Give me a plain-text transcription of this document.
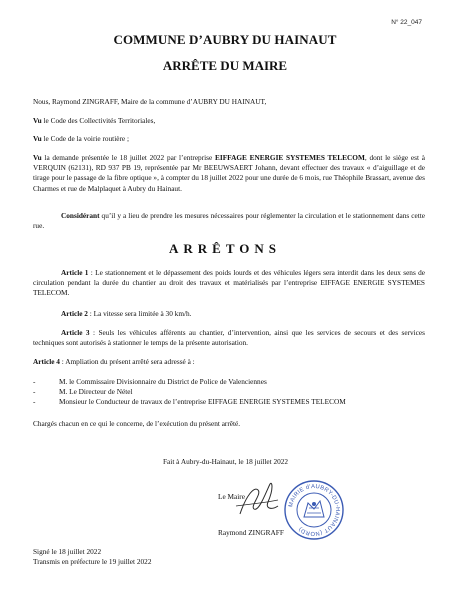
N° 22_047
COMMUNE D’AUBRY DU HAINAUT
ARRÊTE DU MAIRE
Nous, Raymond ZINGRAFF, Maire de la commune d’AUBRY DU HAINAUT,
Vu le Code des Collectivités Territoriales,
Vu le Code de la voirie routière ;
Vu la demande présentée le 18 juillet 2022 par l’entreprise EIFFAGE ENERGIE SYSTEMES TELECOM, dont le siège est à VERQUIN (62131), RD 937 PB 19, représentée par Mr BEEUWSAERT Johann, devant effectuer des travaux « d’aiguillage et de tirage pour le passage de la fibre optique », à compter du 18 juillet 2022 pour une durée de 6 mois, rue Théophile Brassart, avenue des Charmes et rue de Malplaquet à Aubry du Hainaut.
Considérant qu’il y a lieu de prendre les mesures nécessaires pour réglementer la circulation et le stationnement dans cette rue.
ARRÊTONS
Article 1 : Le stationnement et le dépassement des poids lourds et des véhicules légers sera interdit dans les deux sens de circulation pendant la durée du chantier au droit des travaux et matérialisés par l’entreprise EIFFAGE ENERGIE SYSTEMES TELECOM.
Article 2 : La vitesse sera limitée à 30 km/h.
Article 3 : Seuls les véhicules afférents au chantier, d’intervention, ainsi que les services de secours et des services techniques sont autorisés à stationner le temps de la présente autorisation.
Article 4 : Ampliation du présent arrêté sera adressé à :
- M. le Commissaire Divisionnaire du District de Police de Valenciennes
- M. Le Directeur de Nétel
- Monsieur le Conducteur de travaux de l’entreprise EIFFAGE ENERGIE SYSTEMES TELECOM
Chargés chacun en ce qui le concerne, de l’exécution du présent arrêté.
Fait à Aubry-du-Hainaut, le 18 juillet 2022
Le Maire
MAIRIE d'AUBRY-DU-HAINAUT (NORD)
Raymond ZINGRAFF
Signé le 18 juillet 2022
Transmis en préfecture le 19 juillet 2022
